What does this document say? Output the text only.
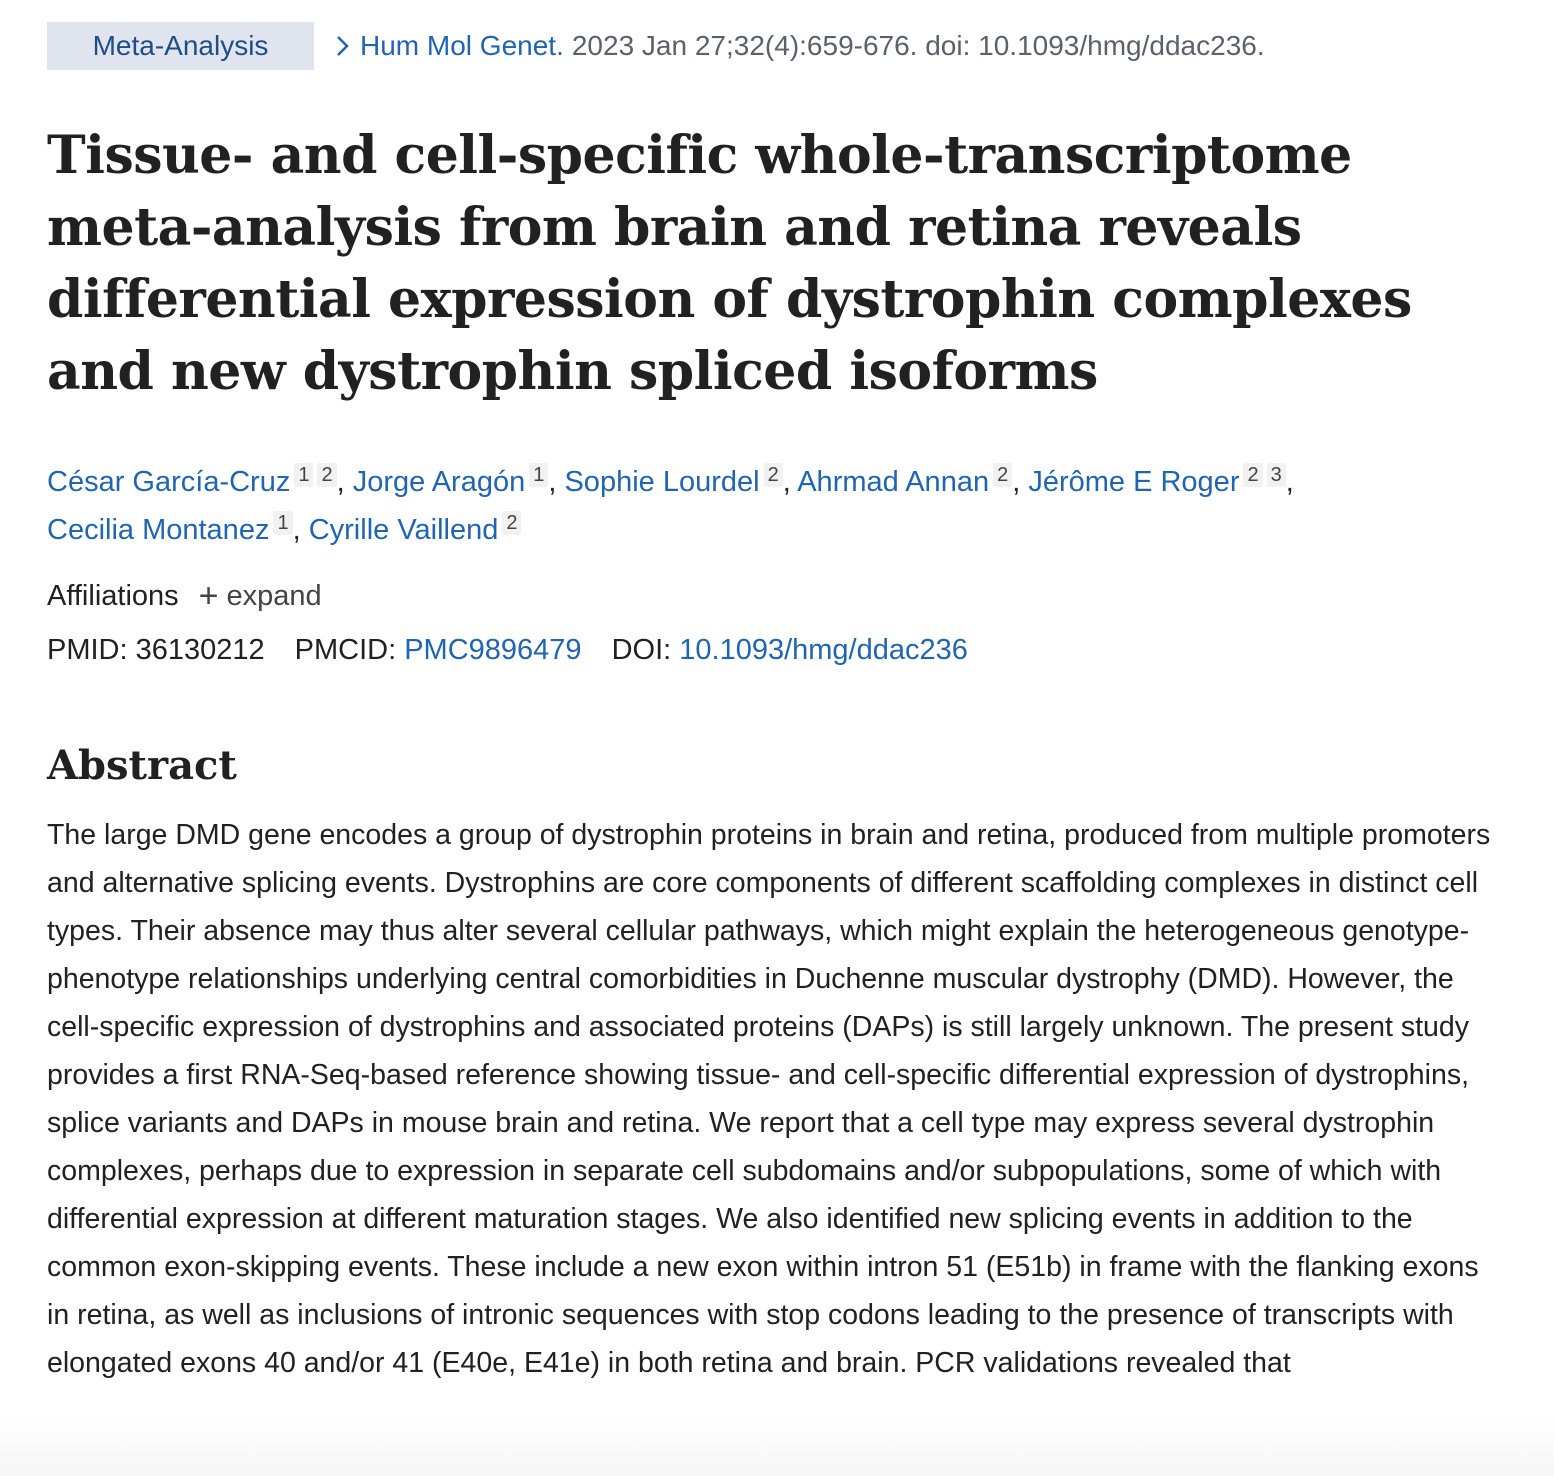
Meta-Analysis	Hum Mol Genet. 2023 Jan 27;32(4):659-676. doi: 10.1093/hmg/ddac236.
Tissue- and cell-specific whole-transcriptome meta-analysis from brain and retina reveals differential expression of dystrophin complexes and new dystrophin spliced isoforms
César García-Cruz 1 2 , Jorge Aragón 1 , Sophie Lourdel 2 , Ahrmad Annan 2 , Jérôme E Roger 2 3 ,
Cecilia Montanez 1 , Cyrille Vaillend 2
Affiliations + expand
PMID:
36130212 PMCID:
PMC9896479 DOI:
10.1093/hmg/ddac236
Abstract
The large DMD gene encodes a group of dystrophin proteins in brain and retina, produced from multiple promoters and alternative splicing events. Dystrophins are core components of different scaffolding complexes in distinct cell types. Their absence may thus alter several cellular pathways, which might explain the heterogeneous genotype-phenotype relationships underlying central comorbidities in Duchenne muscular dystrophy (DMD). However, the cell-specific expression of dystrophins and associated proteins (DAPs) is still largely unknown. The present study provides a first RNA-Seq-based reference showing tissue- and cell-specific differential expression of dystrophins, splice variants and DAPs in mouse brain and retina. We report that a cell type may express several dystrophin complexes, perhaps due to expression in separate cell subdomains and/or subpopulations, some of which with differential expression at different maturation stages. We also identified new splicing events in addition to the common exon-skipping events. These include a new exon within intron 51 (E51b) in frame with the flanking exons in retina, as well as inclusions of intronic sequences with stop codons leading to the presence of transcripts with elongated exons 40 and/or 41 (E40e, E41e) in both retina and brain. PCR validations revealed that
